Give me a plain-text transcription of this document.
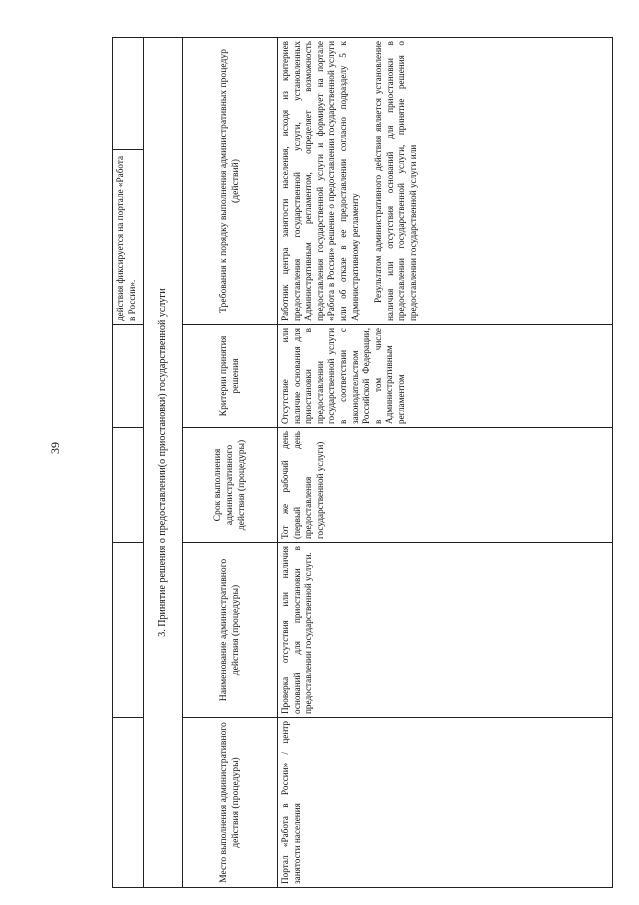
39
				действия фиксируется на портале «Работа в России».	
3. Принятие решения о предоставлении(о приостановки) государственной услуги					
Место выполнения административного действия (процедуры)	Наименование административного действия (процедуры)	Срок выполнения административного действия (процедуры)	Критерии принятия решения	Требования к порядку выполнения административных процедур (действий)	
Портал «Работа в России» / центр занятости населения	Проверка отсутствия или наличия оснований для приостановки в предоставлении государственной услуги.	Тот же рабочий день (первый день предоставления государственной услуги)	Отсутствие или наличие основания для приостановки в предоставлении государственной услуги в соответствии с законодательством Российской Федерации, в том числе Административным регламентом	Работник центра занятости населения, исходя из критериев предоставления государственной услуги, установленных Административным регламентом, определяет возможность предоставления государственной услуги и формирует на портале «Работа в России» решение о предоставлении государственной услуги или об отказе в ее предоставлении согласно подразделу 5 к Административному регламенту Результатом административного действия является установление наличия или отсутствия оснований для приостановки в предоставлении государственной услуги, принятие решения о предоставлении государственной услуги или	
